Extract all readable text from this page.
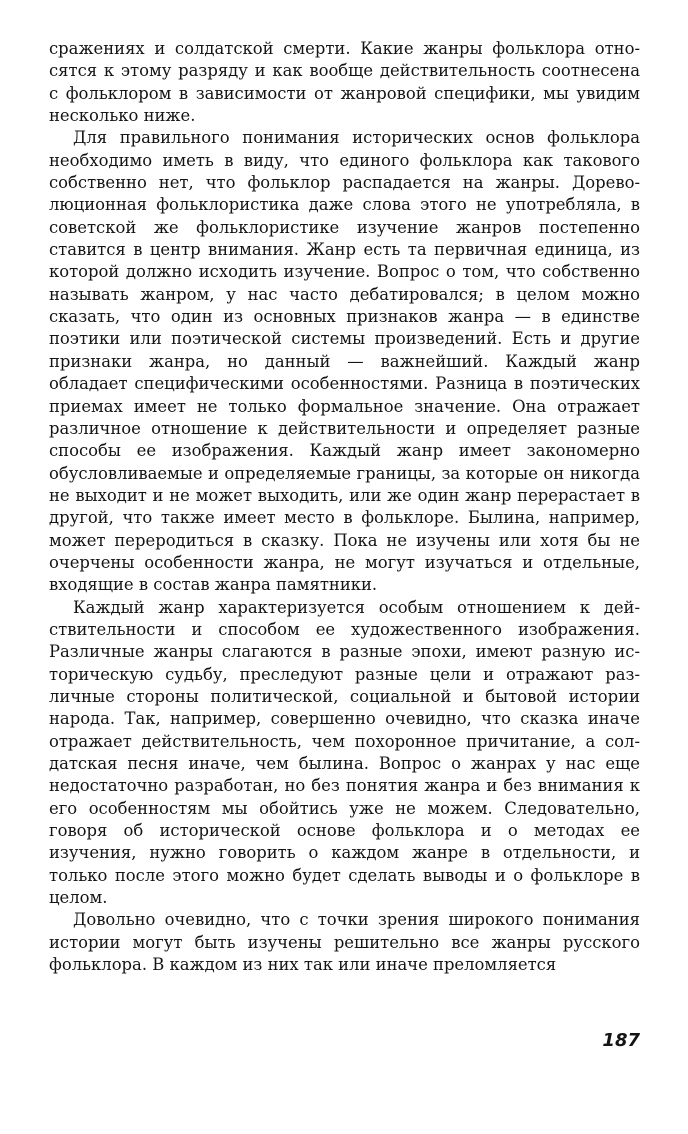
сражениях и солдатской смерти. Какие жанры фольклора относятся к этому разряду и как вообще действительность соотнесена с фольклором в зависимости от жанровой специфики, мы увидим несколько ниже.

Для правильного понимания исторических основ фольклора необходимо иметь в виду, что единого фольклора как такового собственно нет, что фольклор распадается на жанры. Дореволюционная фольклористика даже слова этого не употребляла, в советской же фольклористике изучение жанров постепенно ставится в центр внимания. Жанр есть та первичная единица, из которой должно исходить изучение. Вопрос о том, что собственно называть жанром, у нас часто дебатировался; в целом можно сказать, что один из основных признаков жанра — в единстве поэтики или поэтической системы произведений. Есть и другие признаки жанра, но данный — важнейший. Каждый жанр обладает специфическими особенностями. Разница в поэтических приемах имеет не только формальное значение. Она отражает различное отношение к действительности и определяет разные способы ее изображения. Каждый жанр имеет закономерно обусловливаемые и определяемые границы, за которые он никогда не выходит и не может выходить, или же один жанр перерастает в другой, что также имеет место в фольклоре. Былина, например, может переродиться в сказку. Пока не изучены или хотя бы не очерчены особенности жанра, не могут изучаться и отдельные, входящие в состав жанра памятники.

Каждый жанр характеризуется особым отношением к действительности и способом ее художественного изображения. Различные жанры слагаются в разные эпохи, имеют разную историческую судьбу, преследуют разные цели и отражают различные стороны политической, социальной и бытовой истории народа. Так, например, совершенно очевидно, что сказка иначе отражает действительность, чем похоронное причитание, а солдатская песня иначе, чем былина. Вопрос о жанрах у нас еще недостаточно разработан, но без понятия жанра и без внимания к его особенностям мы обойтись уже не можем. Следовательно, говоря об исторической основе фольклора и о методах ее изучения, нужно говорить о каждом жанре в отдельности, и только после этого можно будет сделать выводы и о фольклоре в целом.

Довольно очевидно, что с точки зрения широкого понимания истории могут быть изучены решительно все жанры русского фольклора. В каждом из них так или иначе преломляется

187
